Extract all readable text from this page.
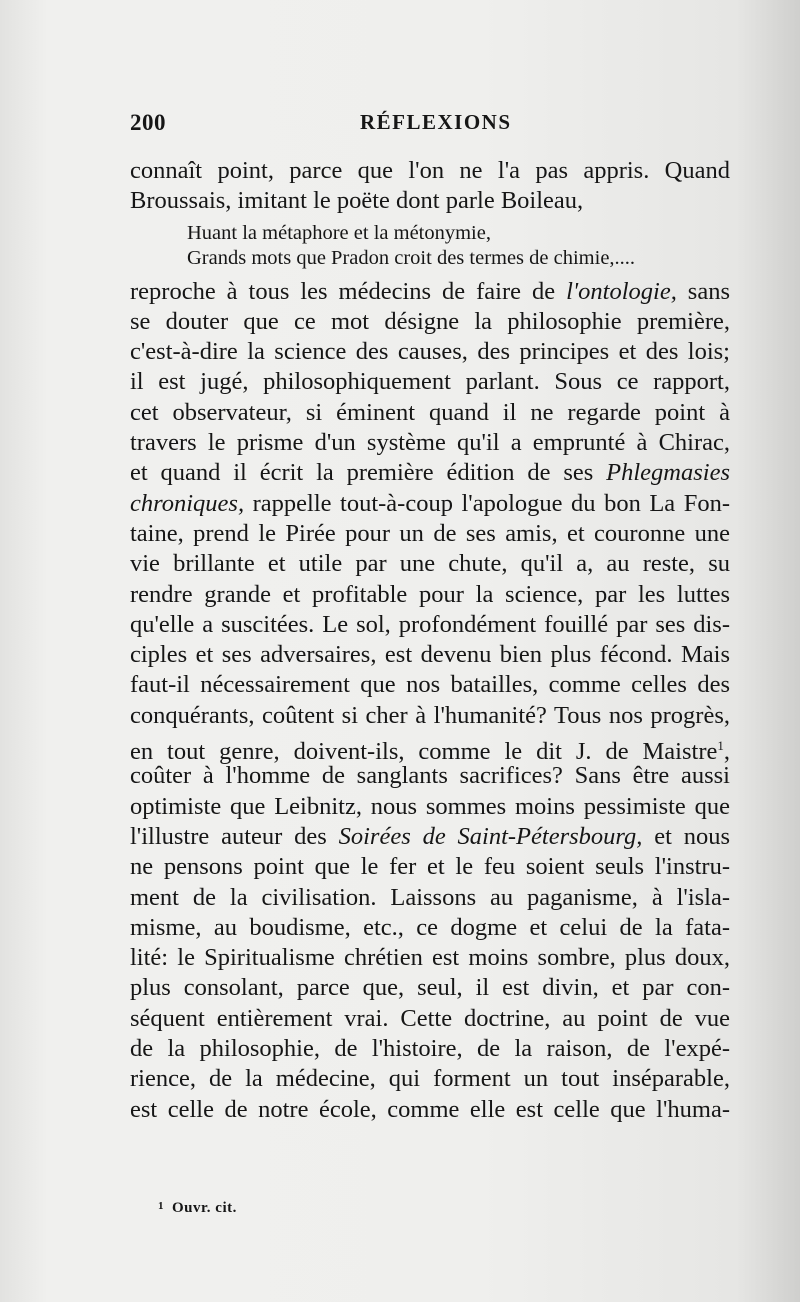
200	RÉFLEXIONS
connaît point, parce que l'on ne l'a pas appris. Quand
Broussais, imitant le poëte dont parle Boileau,
Huant la métaphore et la métonymie,
Grands mots que Pradon croit des termes de chimie,....
reproche à tous les médecins de faire de l'ontologie, sans
se douter que ce mot désigne la philosophie première,
c'est-à-dire la science des causes, des principes et des lois;
il est jugé, philosophiquement parlant. Sous ce rapport,
cet observateur, si éminent quand il ne regarde point à
travers le prisme d'un système qu'il a emprunté à Chirac,
et quand il écrit la première édition de ses Phlegmasies
chroniques, rappelle tout-à-coup l'apologue du bon La Fon-
taine, prend le Pirée pour un de ses amis, et couronne une
vie brillante et utile par une chute, qu'il a, au reste, su
rendre grande et profitable pour la science, par les luttes
qu'elle a suscitées. Le sol, profondément fouillé par ses dis-
ciples et ses adversaires, est devenu bien plus fécond. Mais
faut-il nécessairement que nos batailles, comme celles des
conquérants, coûtent si cher à l'humanité? Tous nos progrès,
en tout genre, doivent-ils, comme le dit J. de Maistre$^1$,
coûter à l'homme de sanglants sacrifices? Sans être aussi
optimiste que Leibnitz, nous sommes moins pessimiste que
l'illustre auteur des Soirées de Saint-Pétersbourg, et nous
ne pensons point que le fer et le feu soient seuls l'instru-
ment de la civilisation. Laissons au paganisme, à l'isla-
misme, au boudisme, etc., ce dogme et celui de la fata-
lité: le Spiritualisme chrétien est moins sombre, plus doux,
plus consolant, parce que, seul, il est divin, et par con-
séquent entièrement vrai. Cette doctrine, au point de vue
de la philosophie, de l'histoire, de la raison, de l'expé-
rience, de la médecine, qui forment un tout inséparable,
est celle de notre école, comme elle est celle que l'huma-
$^1$ Ouvr. cit.
